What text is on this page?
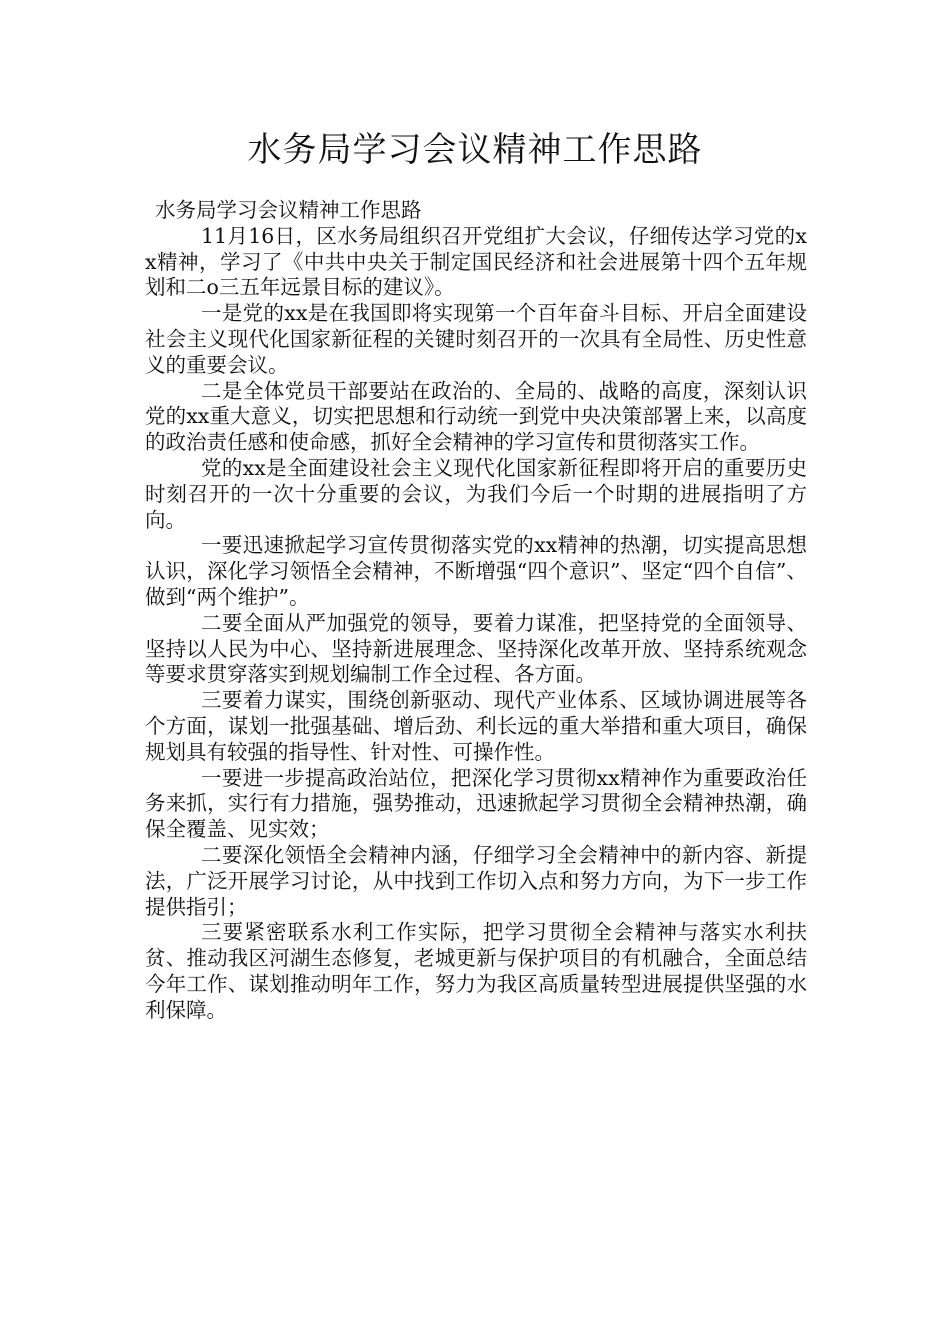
水务局学习会议精神工作思路

水务局学习会议精神工作思路

11月16日，区水务局组织召开党组扩大会议，仔细传达学习党的xx精神，学习了《中共中央关于制定国民经济和社会进展第十四个五年规划和二o三五年远景目标的建议》。

一是党的xx是在我国即将实现第一个百年奋斗目标、开启全面建设社会主义现代化国家新征程的关键时刻召开的一次具有全局性、历史性意义的重要会议。

二是全体党员干部要站在政治的、全局的、战略的高度，深刻认识党的xx重大意义，切实把思想和行动统一到党中央决策部署上来，以高度的政治责任感和使命感，抓好全会精神的学习宣传和贯彻落实工作。

党的xx是全面建设社会主义现代化国家新征程即将开启的重要历史时刻召开的一次十分重要的会议，为我们今后一个时期的进展指明了方向。

一要迅速掀起学习宣传贯彻落实党的xx精神的热潮，切实提高思想认识，深化学习领悟全会精神，不断增强“四个意识”、坚定“四个自信”、做到“两个维护”。

二要全面从严加强党的领导，要着力谋准，把坚持党的全面领导、坚持以人民为中心、坚持新进展理念、坚持深化改革开放、坚持系统观念等要求贯穿落实到规划编制工作全过程、各方面。

三要着力谋实，围绕创新驱动、现代产业体系、区域协调进展等各个方面，谋划一批强基础、增后劲、利长远的重大举措和重大项目，确保规划具有较强的指导性、针对性、可操作性。

一要进一步提高政治站位，把深化学习贯彻xx精神作为重要政治任务来抓，实行有力措施，强势推动，迅速掀起学习贯彻全会精神热潮，确保全覆盖、见实效；

二要深化领悟全会精神内涵，仔细学习全会精神中的新内容、新提法，广泛开展学习讨论，从中找到工作切入点和努力方向，为下一步工作提供指引；

三要紧密联系水利工作实际，把学习贯彻全会精神与落实水利扶贫、推动我区河湖生态修复，老城更新与保护项目的有机融合，全面总结今年工作、谋划推动明年工作，努力为我区高质量转型进展提供坚强的水利保障。
